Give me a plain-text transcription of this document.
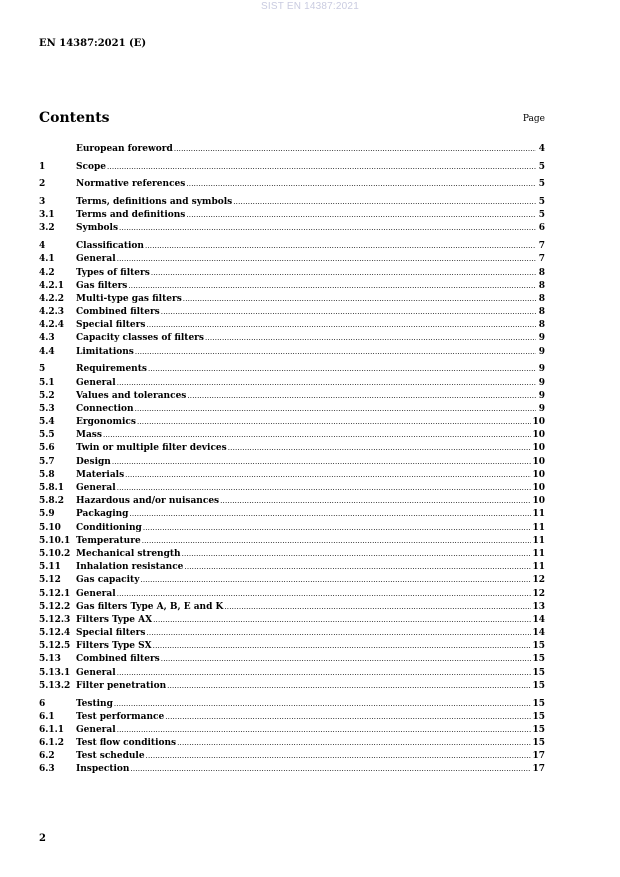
SIST EN 14387:2021
EN 14387:2021 (E)
Contents	Page
European foreword .....	4
1	Scope .....	5
2	Normative references .....	5
3	Terms, definitions and symbols .....	5
3.1	Terms and definitions .....	5
3.2	Symbols .....	6
4	Classification .....	7
4.1	General .....	7
4.2	Types of filters .....	8
4.2.1	Gas filters .....	8
4.2.2	Multi-type gas filters .....	8
4.2.3	Combined filters .....	8
4.2.4	Special filters .....	8
4.3	Capacity classes of filters .....	9
4.4	Limitations .....	9
5	Requirements .....	9
5.1	General .....	9
5.2	Values and tolerances .....	9
5.3	Connection .....	9
5.4	Ergonomics .....	10
5.5	Mass .....	10
5.6	Twin or multiple filter devices .....	10
5.7	Design .....	10
5.8	Materials .....	10
5.8.1	General .....	10
5.8.2	Hazardous and/or nuisances .....	10
5.9	Packaging .....	11
5.10	Conditioning .....	11
5.10.1 Temperature .....	11
5.10.2 Mechanical strength .....	11
5.11	Inhalation resistance .....	11
5.12	Gas capacity .....	12
5.12.1 General .....	12
5.12.2 Gas filters Type A, B, E and K .....	13
5.12.3 Filters Type AX .....	14
5.12.4 Special filters .....	14
5.12.5 Filters Type SX .....	15
5.13	Combined filters .....	15
5.13.1 General .....	15
5.13.2 Filter penetration .....	15
6	Testing .....	15
6.1	Test performance .....	15
6.1.1	General .....	15
6.1.2	Test flow conditions .....	15
6.2	Test schedule .....	17
6.3	Inspection .....	17
2
